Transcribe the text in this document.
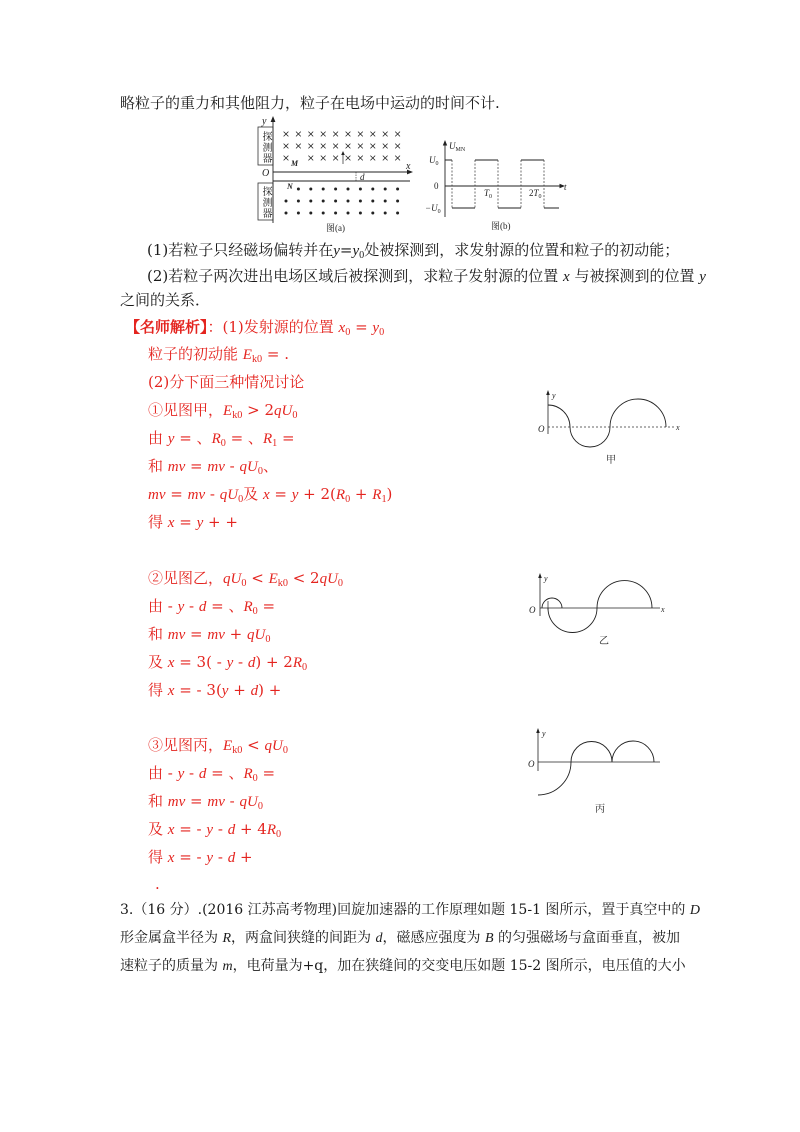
略粒子的重力和其他阻力，粒子在电场中运动的时间不计.
(1)若粒子只经磁场偏转并在y=y0处被探测到，求发射源的位置和粒子的初动能；
(2)若粒子两次进出电场区域后被探测到，求粒子发射源的位置 x 与被探测到的位置 y
之间的关系．
【名师解析】：(1)发射源的位置 x0 = y0
粒子的初动能 Ek0 = .
(2)分下面三种情况讨论
①见图甲，Ek0 > 2qU0
由 y = 、R0 = 、R1 =
和 mv = mv - qU0、
mv = mv - qU0及 x = y + 2(R0 + R1)
得 x = y + +
②见图乙，qU0 < Ek0 < 2qU0
由 - y - d = 、R0 =
和 mv = mv + qU0
及 x = 3( - y - d) + 2R0
得 x = - 3(y + d) +
③见图丙，Ek0 < qU0
由 - y - d = 、R0 =
和 mv = mv - qU0
及 x = - y - d + 4R0
得 x = - y - d +
.
3.（16 分）.(2016 江苏高考物理)回旋加速器的工作原理如题 15-1 图所示，置于真空中的 D
形金属盒半径为 R，两盒间狭缝的间距为 d，磁感应强度为 B 的匀强磁场与盒面垂直，被加
速粒子的质量为 m，电荷量为+q，加在狭缝间的交变电压如题 15-2 图所示，电压值的大小
y
O
x
M
N
d
图(a)
探测器
探测器
$U_{MN}$
$U_0$
0
$-U_0$
$T_0$	$2T_0$
t
图(b)
y
O	x
甲
y
O	x
乙
y
O
丙
